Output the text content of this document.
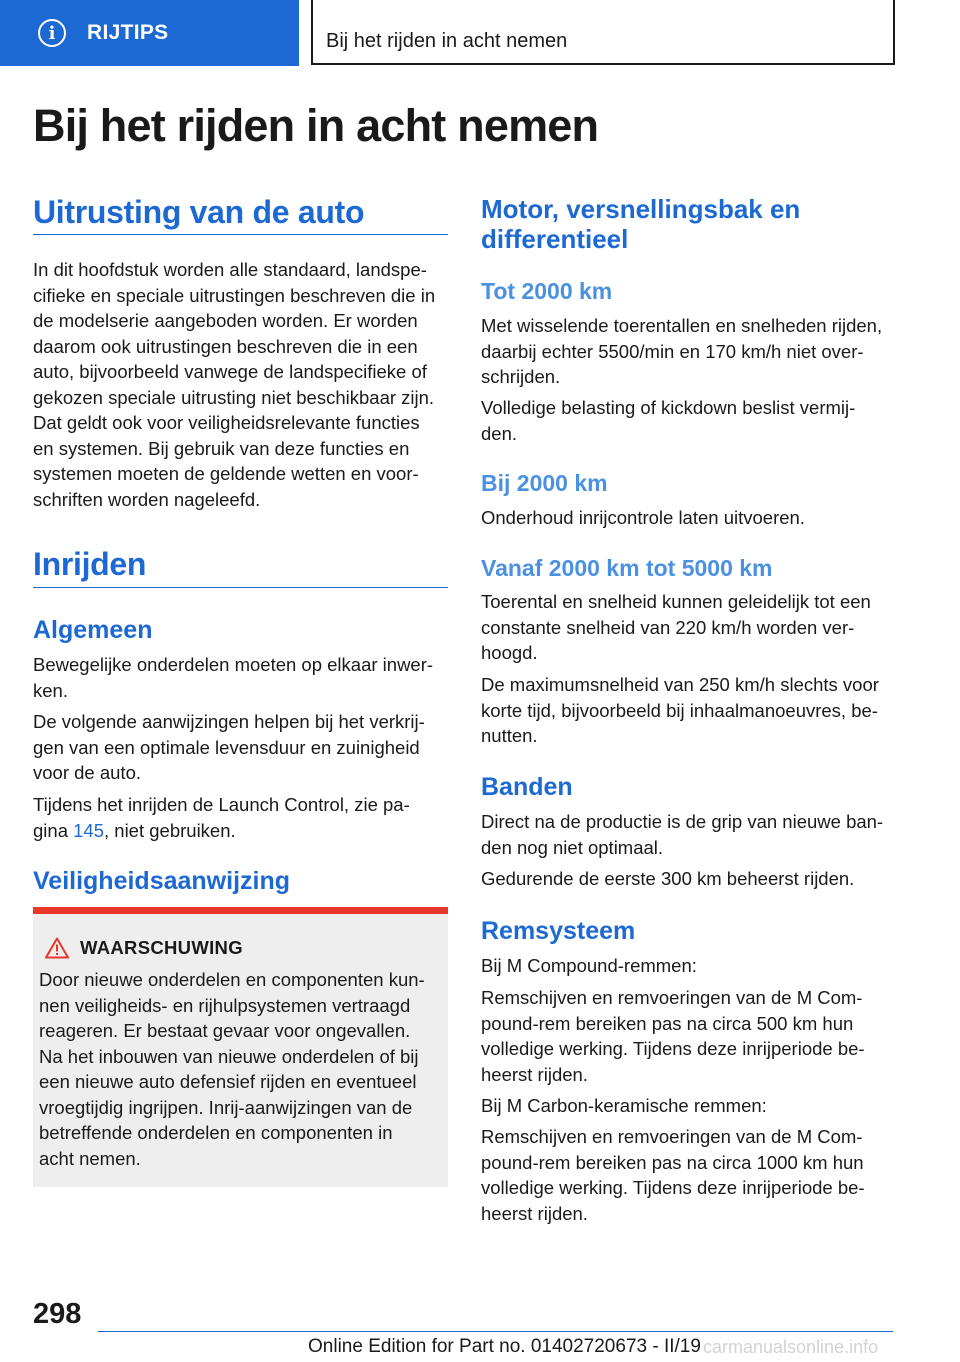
i	RIJTIPS	Bij het rijden in acht nemen
Bij het rijden in acht nemen
Uitrusting van de auto
In dit hoofdstuk worden alle standaard, landspe-
cifieke en speciale uitrustingen beschreven die in
de modelserie aangeboden worden. Er worden
daarom ook uitrustingen beschreven die in een
auto, bijvoorbeeld vanwege de landspecifieke of
gekozen speciale uitrusting niet beschikbaar zijn.
Dat geldt ook voor veiligheidsrelevante functies
en systemen. Bij gebruik van deze functies en
systemen moeten de geldende wetten en voor-
schriften worden nageleefd.
Inrijden
Algemeen
Bewegelijke onderdelen moeten op elkaar inwer-
ken.
De volgende aanwijzingen helpen bij het verkrij-
gen van een optimale levensduur en zuinigheid
voor de auto.
Tijdens het inrijden de Launch Control, zie pa-
gina 145, niet gebruiken.
Veiligheidsaanwijzing
WAARSCHUWING
Door nieuwe onderdelen en componenten kun-
nen veiligheids- en rijhulpsystemen vertraagd
reageren. Er bestaat gevaar voor ongevallen.
Na het inbouwen van nieuwe onderdelen of bij
een nieuwe auto defensief rijden en eventueel
vroegtijdig ingrijpen. Inrij-aanwijzingen van de
betreffende onderdelen en componenten in
acht nemen.
Motor, versnellingsbak en
differentieel
Tot 2000 km
Met wisselende toerentallen en snelheden rijden,
daarbij echter 5500/min en 170 km/h niet over-
schrijden.
Volledige belasting of kickdown beslist vermij-
den.
Bij 2000 km
Onderhoud inrijcontrole laten uitvoeren.
Vanaf 2000 km tot 5000 km
Toerental en snelheid kunnen geleidelijk tot een
constante snelheid van 220 km/h worden ver-
hoogd.
De maximumsnelheid van 250 km/h slechts voor
korte tijd, bijvoorbeeld bij inhaalmanoeuvres, be-
nutten.
Banden
Direct na de productie is de grip van nieuwe ban-
den nog niet optimaal.
Gedurende de eerste 300 km beheerst rijden.
Remsysteem
Bij M Compound-remmen:
Remschijven en remvoeringen van de M Com-
pound-rem bereiken pas na circa 500 km hun
volledige werking. Tijdens deze inrijperiode be-
heerst rijden.
Bij M Carbon-keramische remmen:
Remschijven en remvoeringen van de M Com-
pound-rem bereiken pas na circa 1000 km hun
volledige werking. Tijdens deze inrijperiode be-
heerst rijden.
298
Online Edition for Part no. 01402720673 - II/19 carmanualsonline.info
